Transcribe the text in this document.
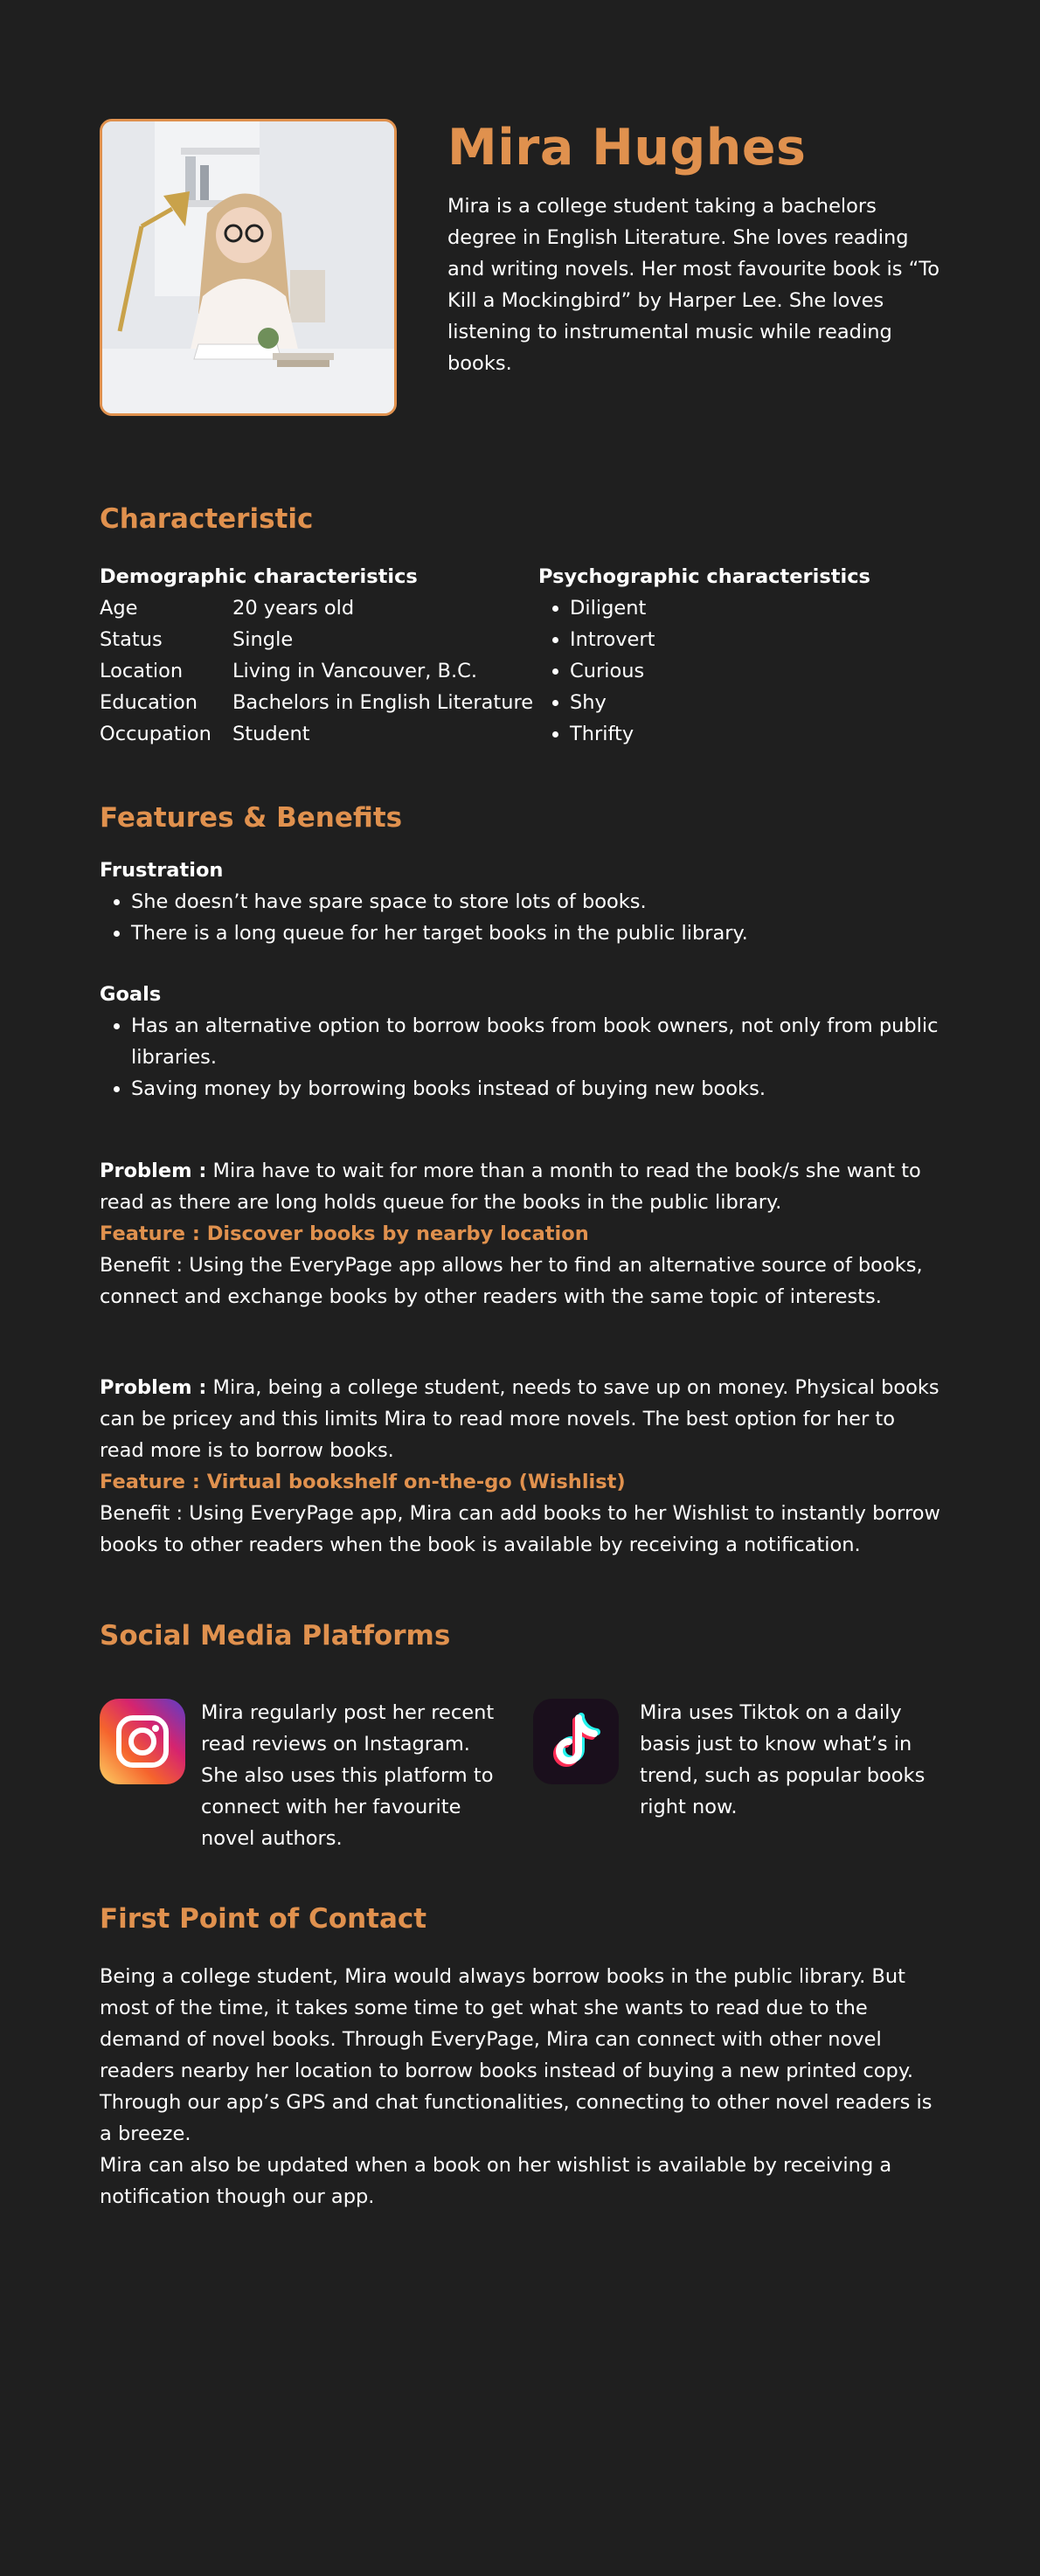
Mira Hughes
Mira is a college student taking a bachelors degree in English Literature. She loves reading and writing novels. Her most favourite book is “To Kill a Mockingbird” by Harper Lee. She loves listening to instrumental music while reading books.
Characteristic
Demographic characteristics
Age	20 years old
Status	Single
Location	Living in Vancouver, B.C.
Education	Bachelors in English Literature
Occupation	Student
Psychographic characteristics
• Diligent
• Introvert
• Curious
• Shy
• Thrifty
Features & Benefits
Frustration
• She doesn’t have spare space to store lots of books.
• There is a long queue for her target books in the public library.
Goals
• Has an alternative option to borrow books from book owners, not only from public libraries.
• Saving money by borrowing books instead of buying new books.
Problem : Mira have to wait for more than a month to read the book/s she want to read as there are long holds queue for the books in the public library.
Feature : Discover books by nearby location
Benefit : Using the EveryPage app allows her to find an alternative source of books, connect and exchange books by other readers with the same topic of interests.
Problem : Mira, being a college student, needs to save up on money. Physical books can be pricey and this limits Mira to read more novels. The best option for her to read more is to borrow books.
Feature : Virtual bookshelf on-the-go (Wishlist)
Benefit : Using EveryPage app, Mira can add books to her Wishlist to instantly borrow books to other readers when the book is available by receiving a notification.
Social Media Platforms
Mira regularly post her recent read reviews on Instagram. She also uses this platform to connect with her favourite novel authors.
Mira uses Tiktok on a daily basis just to know what’s in trend, such as popular books right now.
First Point of Contact
Being a college student, Mira would always borrow books in the public library. But most of the time, it takes some time to get what she wants to read due to the demand of novel books. Through EveryPage, Mira can connect with other novel readers nearby her location to borrow books instead of buying a new printed copy. Through our app’s GPS and chat functionalities, connecting to other novel readers is a breeze.
Mira can also be updated when a book on her wishlist is available by receiving a notification though our app.
